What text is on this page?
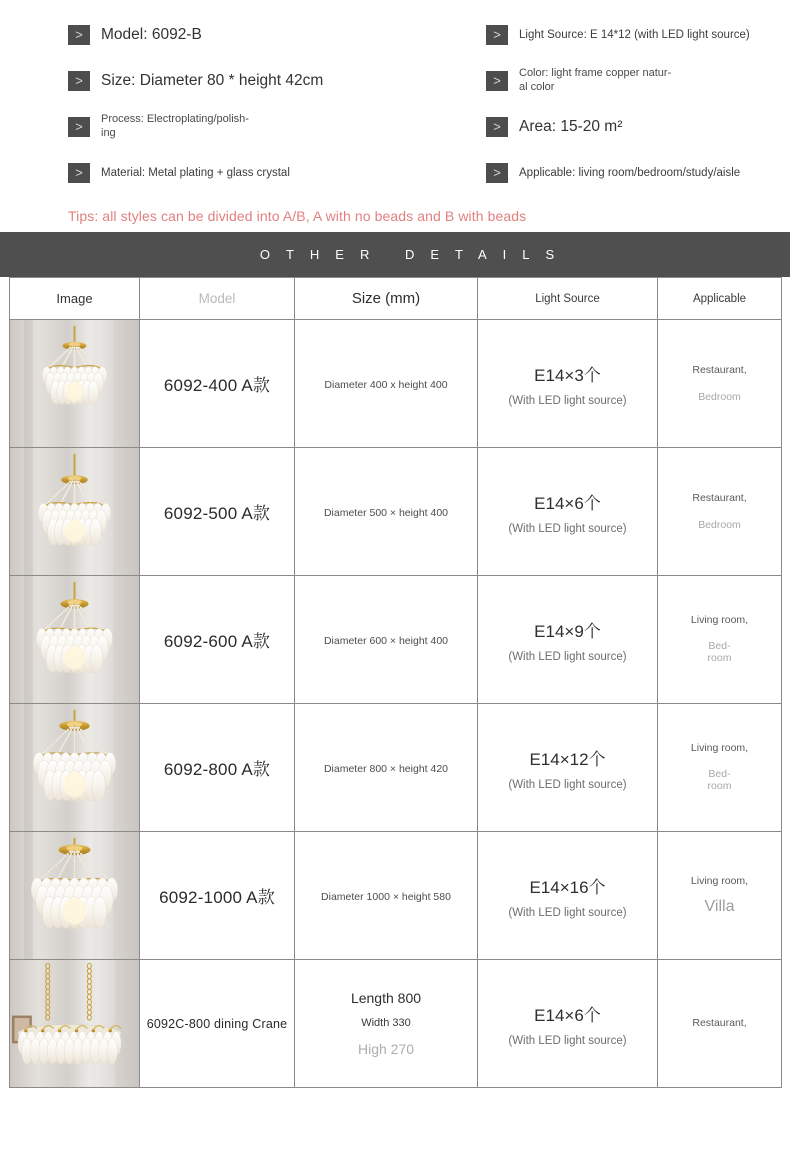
>	Model: 6092-B	>	Light Source: E 14*12 (with LED light source)
>	Size: Diameter 80 * height 42cm	>	Color: light frame copper natur-
al color
>	Process: Electroplating/polish-
ing	>	Area: 15-20 m²
>	Material: Metal plating + glass crystal	>	Applicable: living room/bedroom/study/aisle
Tips: all styles can be divided into A/B, A with no beads and B with beads
OTHER DETAILS
Image	Model	Size (mm)	Light Source	Applicable

	6092-400 A款	Diameter 400 x height 400	E14×3个
(With LED light source)	Restaurant,
Bedroom

	6092-500 A款	Diameter 500 × height 400	E14×6个
(With LED light source)	Restaurant,
Bedroom

	6092-600 A款	Diameter 600 × height 400	E14×9个
(With LED light source)	Living room,
Bed-
room

	6092-800 A款	Diameter 800 × height 420	E14×12个
(With LED light source)	Living room,
Bed-
room

	6092-1000 A款	Diameter 1000 × height 580	E14×16个
(With LED light source)	Living room,
Villa

	6092C-800 dining Crane	Length 800
Width 330
High 270	E14×6个
(With LED light source)	Restaurant,
